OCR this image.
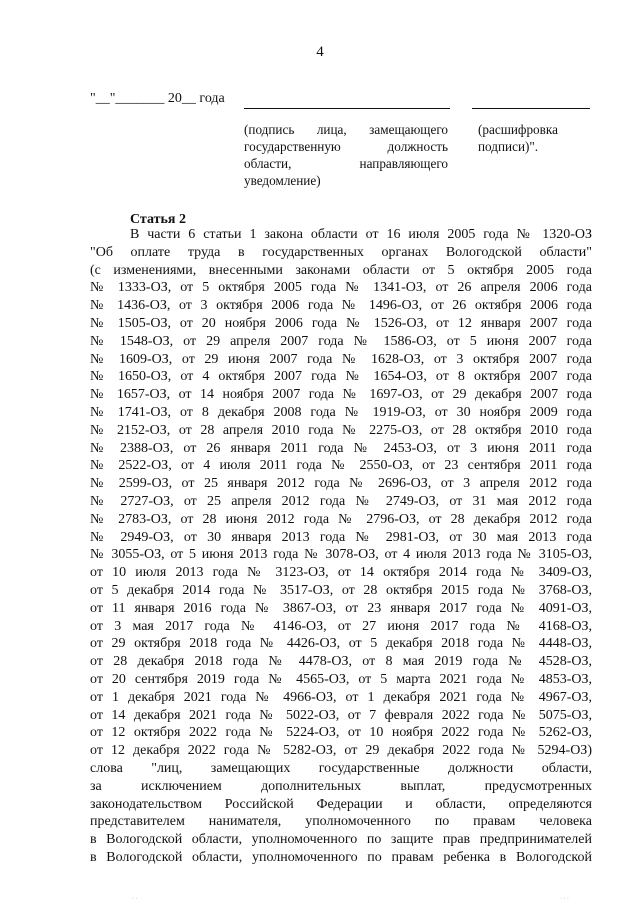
4
"__"_______ 20__ года
(подпись лица, замещающего
государственную должность
области, направляющего
уведомление)
(расшифровка
подписи)".
Статья 2
В части 6 статьи 1 закона области от 16 июля 2005 года № 1320-ОЗ
"Об оплате труда в государственных органах Вологодской области"
(с изменениями, внесенными законами области от 5 октября 2005 года
№ 1333-ОЗ, от 5 октября 2005 года № 1341-ОЗ, от 26 апреля 2006 года
№ 1436-ОЗ, от 3 октября 2006 года № 1496-ОЗ, от 26 октября 2006 года
№ 1505-ОЗ, от 20 ноября 2006 года № 1526-ОЗ, от 12 января 2007 года
№ 1548-ОЗ, от 29 апреля 2007 года № 1586-ОЗ, от 5 июня 2007 года
№ 1609-ОЗ, от 29 июня 2007 года № 1628-ОЗ, от 3 октября 2007 года
№ 1650-ОЗ, от 4 октября 2007 года № 1654-ОЗ, от 8 октября 2007 года
№ 1657-ОЗ, от 14 ноября 2007 года № 1697-ОЗ, от 29 декабря 2007 года
№ 1741-ОЗ, от 8 декабря 2008 года № 1919-ОЗ, от 30 ноября 2009 года
№ 2152-ОЗ, от 28 апреля 2010 года № 2275-ОЗ, от 28 октября 2010 года
№ 2388-ОЗ, от 26 января 2011 года № 2453-ОЗ, от 3 июня 2011 года
№ 2522-ОЗ, от 4 июля 2011 года № 2550-ОЗ, от 23 сентября 2011 года
№ 2599-ОЗ, от 25 января 2012 года № 2696-ОЗ, от 3 апреля 2012 года
№ 2727-ОЗ, от 25 апреля 2012 года № 2749-ОЗ, от 31 мая 2012 года
№ 2783-ОЗ, от 28 июня 2012 года № 2796-ОЗ, от 28 декабря 2012 года
№ 2949-ОЗ, от 30 января 2013 года № 2981-ОЗ, от 30 мая 2013 года
№ 3055-ОЗ, от 5 июня 2013 года № 3078-ОЗ, от 4 июля 2013 года № 3105-ОЗ,
от 10 июля 2013 года № 3123-ОЗ, от 14 октября 2014 года № 3409-ОЗ,
от 5 декабря 2014 года № 3517-ОЗ, от 28 октября 2015 года № 3768-ОЗ,
от 11 января 2016 года № 3867-ОЗ, от 23 января 2017 года № 4091-ОЗ,
от 3 мая 2017 года № 4146-ОЗ, от 27 июня 2017 года № 4168-ОЗ,
от 29 октября 2018 года № 4426-ОЗ, от 5 декабря 2018 года № 4448-ОЗ,
от 28 декабря 2018 года № 4478-ОЗ, от 8 мая 2019 года № 4528-ОЗ,
от 20 сентября 2019 года № 4565-ОЗ, от 5 марта 2021 года № 4853-ОЗ,
от 1 декабря 2021 года № 4966-ОЗ, от 1 декабря 2021 года № 4967-ОЗ,
от 14 декабря 2021 года № 5022-ОЗ, от 7 февраля 2022 года № 5075-ОЗ,
от 12 октября 2022 года № 5224-ОЗ, от 10 ноября 2022 года № 5262-ОЗ,
от 12 декабря 2022 года № 5282-ОЗ, от 29 декабря 2022 года № 5294-ОЗ)
слова "лиц, замещающих государственные должности области,
за исключением дополнительных выплат, предусмотренных
законодательством Российской Федерации и области, определяются
представителем нанимателя, уполномоченного по правам человека
в Вологодской области, уполномоченного по защите прав предпринимателей
в Вологодской области, уполномоченного по правам ребенка в Вологодской
· ·	· · ·
